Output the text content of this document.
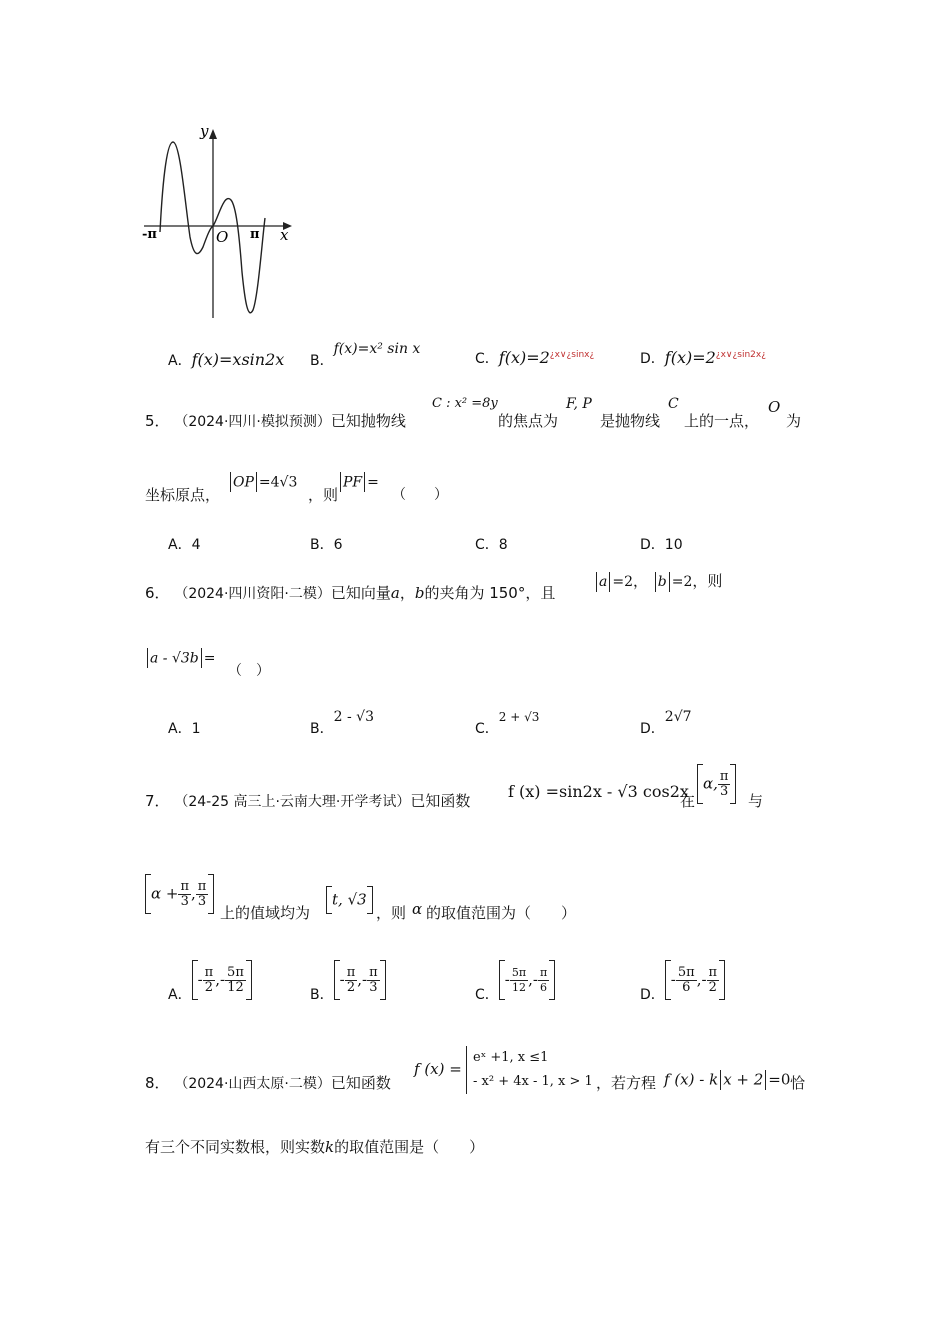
y
x
O
-π	π
A．f(x)=xsin2x B．f(x)=x² sin x
C．$f(x)=2^{¿x\vee¿sinx¿}$	D．$f(x)=2^{¿x\vee¿sin2x¿}$
5． （2024·四川·模拟预测）已知抛物线
C : x² =8y
的焦点为
F, P
是抛物线
C
上的一点，
O
为
坐标原点，
OP =4√3
，则
PF =
（　　）
A．4	B．6	C．8	D．10
6． （2024·四川资阳·二模）已知向量a，b的夹角为 150°，且
a =2， b =2，则
a - √3b =
（　）
A．1	B．2 - √3
C．2 + √3
D．2√7
7． （24-25 高三上·云南大理·开学考试）已知函数 f (x) =sin2x - √3 cos2x
在
α, $\frac{\pi}{3}$
与
$\alpha + \frac{\pi}{3}$ , $\frac{\pi}{3}$
上的值域均为
t, √3
，则 α 的取值范围为（　　）
A．- $\frac{\pi}{2}$ ,- $\frac{5\pi}{12}$	B．- $\frac{\pi}{2}$ ,- $\frac{\pi}{3}$	C．- $\frac{5\pi}{12}$ ,- $\frac{\pi}{6}$	D．- $\frac{5\pi}{6}$ ,- $\frac{\pi}{2}$
8． （2024·山西太原·二模）已知函数
f (x) =
eˣ +1, x ≤1
- x² + 4x - 1, x > 1 ，若方程 f (x) - k x + 2 =0 恰
有三个不同实数根，则实数k的取值范围是（　　）
